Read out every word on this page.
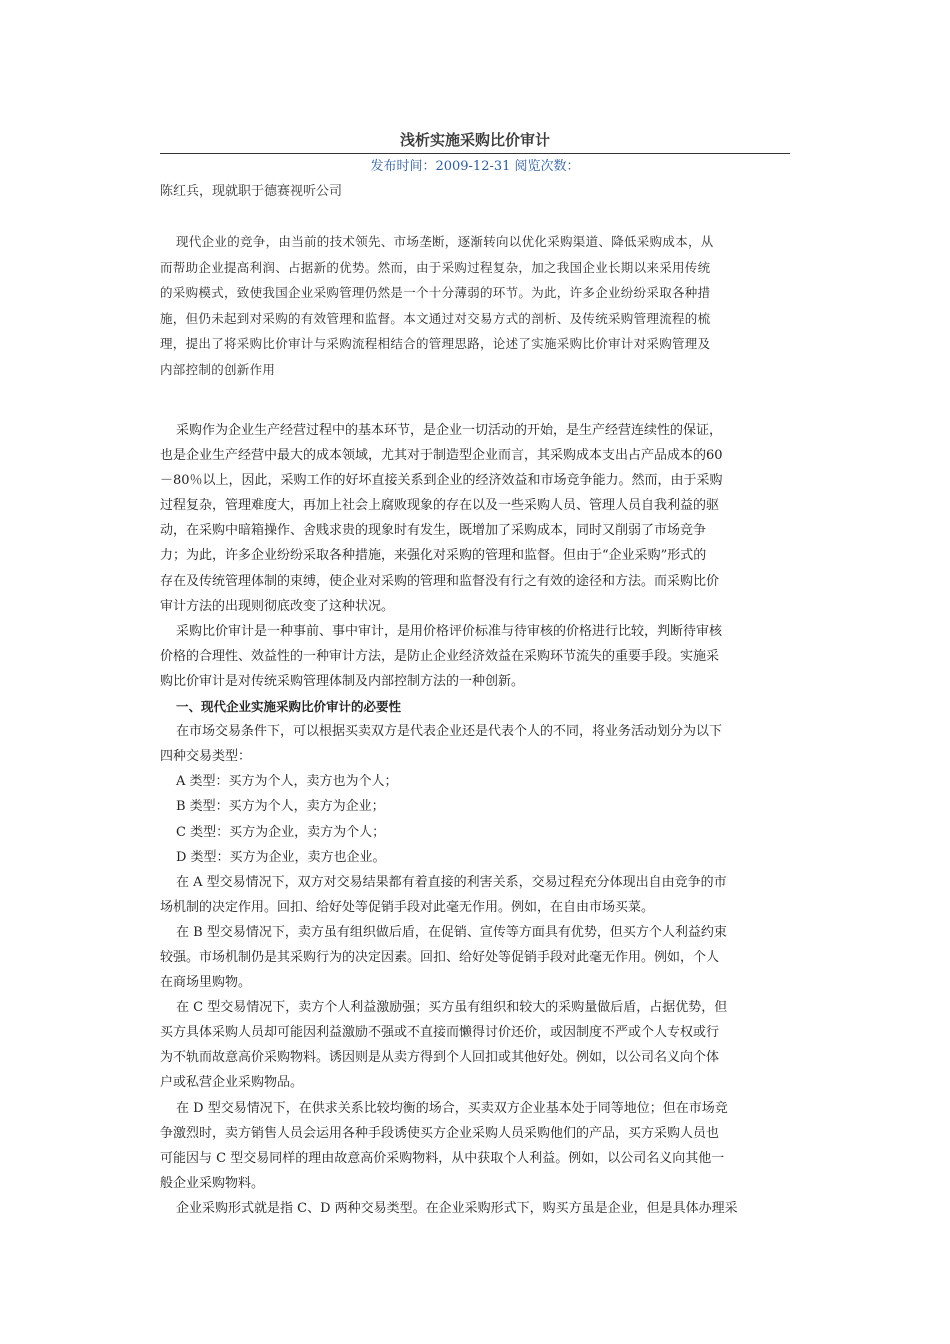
浅析实施采购比价审计
发布时间：2009-12-31 阅览次数：
陈红兵，现就职于德赛视听公司
现代企业的竞争，由当前的技术领先、市场垄断，逐渐转向以优化采购渠道、降低采购成本，从
而帮助企业提高利润、占据新的优势。然而，由于采购过程复杂，加之我国企业长期以来采用传统
的采购模式，致使我国企业采购管理仍然是一个十分薄弱的环节。为此，许多企业纷纷采取各种措
施，但仍未起到对采购的有效管理和监督。本文通过对交易方式的剖析、及传统采购管理流程的梳
理，提出了将采购比价审计与采购流程相结合的管理思路，论述了实施采购比价审计对采购管理及
内部控制的创新作用
采购作为企业生产经营过程中的基本环节，是企业一切活动的开始，是生产经营连续性的保证，
也是企业生产经营中最大的成本领域，尤其对于制造型企业而言，其采购成本支出占产品成本的60
－80％以上，因此，采购工作的好坏直接关系到企业的经济效益和市场竞争能力。然而，由于采购
过程复杂，管理难度大，再加上社会上腐败现象的存在以及一些采购人员、管理人员自我利益的驱
动，在采购中暗箱操作、舍贱求贵的现象时有发生，既增加了采购成本，同时又削弱了市场竞争
力；为此，许多企业纷纷采取各种措施，来强化对采购的管理和监督。但由于“企业采购”形式的
存在及传统管理体制的束缚，使企业对采购的管理和监督没有行之有效的途径和方法。而采购比价
审计方法的出现则彻底改变了这种状况。
采购比价审计是一种事前、事中审计，是用价格评价标准与待审核的价格进行比较，判断待审核
价格的合理性、效益性的一种审计方法，是防止企业经济效益在采购环节流失的重要手段。实施采
购比价审计是对传统采购管理体制及内部控制方法的一种创新。
一、现代企业实施采购比价审计的必要性
在市场交易条件下，可以根据买卖双方是代表企业还是代表个人的不同，将业务活动划分为以下
四种交易类型：
A 类型：买方为个人，卖方也为个人；
B 类型：买方为个人，卖方为企业；
C 类型：买方为企业，卖方为个人；
D 类型：买方为企业，卖方也企业。
在 A 型交易情况下，双方对交易结果都有着直接的利害关系，交易过程充分体现出自由竞争的市
场机制的决定作用。回扣、给好处等促销手段对此毫无作用。例如，在自由市场买菜。
在 B 型交易情况下，卖方虽有组织做后盾，在促销、宣传等方面具有优势，但买方个人利益约束
较强。市场机制仍是其采购行为的决定因素。回扣、给好处等促销手段对此毫无作用。例如，个人
在商场里购物。
在 C 型交易情况下，卖方个人利益激励强；买方虽有组织和较大的采购量做后盾，占据优势，但
买方具体采购人员却可能因利益激励不强或不直接而懒得讨价还价，或因制度不严或个人专权或行
为不轨而故意高价采购物料。诱因则是从卖方得到个人回扣或其他好处。例如，以公司名义向个体
户或私营企业采购物品。
在 D 型交易情况下，在供求关系比较均衡的场合，买卖双方企业基本处于同等地位；但在市场竞
争激烈时，卖方销售人员会运用各种手段诱使买方企业采购人员采购他们的产品，买方采购人员也
可能因与 C 型交易同样的理由故意高价采购物料，从中获取个人利益。例如，以公司名义向其他一
般企业采购物料。
企业采购形式就是指 C、D 两种交易类型。在企业采购形式下，购买方虽是企业，但是具体办理采
